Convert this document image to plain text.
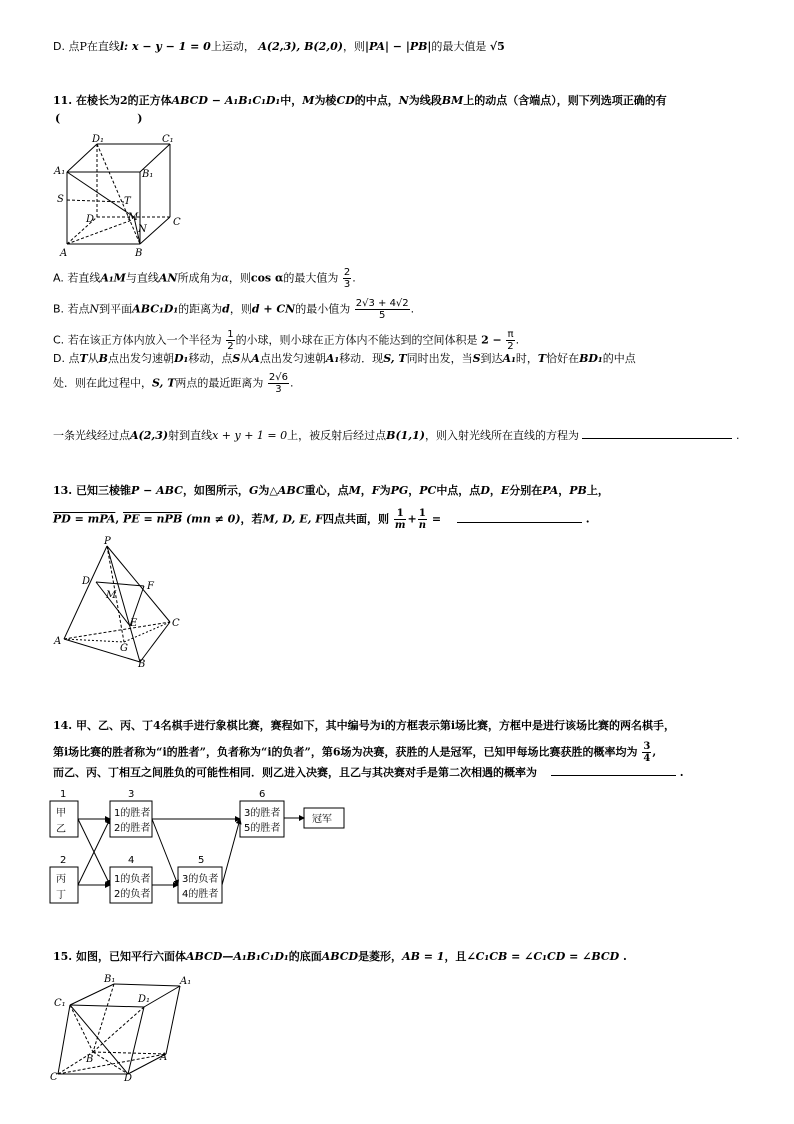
D. 点P在直线l: x − y − 1 = 0上运动， A(2,3), B(2,0)，则|PA| − |PB|的最大值是 √5
11. 在棱长为2的正方体ABCD − A₁B₁C₁D₁中，M为棱CD的中点，N为线段BM上的动点（含端点），则下列选项正确的有
(　　　　　　　)
D₁	C₁
A₁	B₁
S	T
D	M
N
C
A	B
A. 若直线A₁M与直线AN所成角为α，则cos α的最大值为 $\frac{2}{3}$ .
B. 若点N到平面ABC₁D₁的距离为d，则d + CN的最小值为 $\frac{2√3 + 4√2}{5}$ .
C. 若在该正方体内放入一个半径为 $\frac{1}{2}$ 的小球，则小球在正方体内不能达到的空间体积是 $2 - \frac{\pi}{2}$ .
D. 点T从B点出发匀速朝D₁移动，点S从A点出发匀速朝A₁移动．现S, T同时出发，当S到达A₁时，T恰好在BD₁的中点
处．则在此过程中，S, T两点的最近距离为 $\frac{2√6}{3}$ .
一条光线经过点A(2,3)射到直线x + y + 1 = 0上，被反射后经过点B(1,1)，则入射光线所在直线的方程为	.
13. 已知三棱锥P − ABC，如图所示，G为△ABC重心，点M，F为PG，PC中点，点D，E分别在PA，PB上，
PD = mPA, PE = nPB (mn ≠ 0)，若M, D, E, F四点共面，则 $\frac{1}{m} + \frac{1}{n}$ =	.
P
D	F
M
E	C
A
G
B
14. 甲、乙、丙、丁4名棋手进行象棋比赛，赛程如下，其中编号为i的方框表示第i场比赛，方框中是进行该场比赛的两名棋手，
第i场比赛的胜者称为“i的胜者”，负者称为“i的负者”，第6场为决赛，获胜的人是冠军，已知甲每场比赛获胜的概率均为 $\frac{3}{4}$ ,
而乙、丙、丁相互之间胜负的可能性相同．则乙进入决赛，且乙与其决赛对手是第二次相遇的概率为	.
1
甲
乙
2
丙
丁
3
1的胜者
2的胜者
4
1的负者
2的负者
5
3的负者
4的胜者
6
3的胜者
5的胜者
冠军
15. 如图，已知平行六面体ABCD—A₁B₁C₁D₁的底面ABCD是菱形，AB = 1，且∠C₁CB = ∠C₁CD = ∠BCD .
B₁	A₁
C₁	D₁
B	A
C	D
